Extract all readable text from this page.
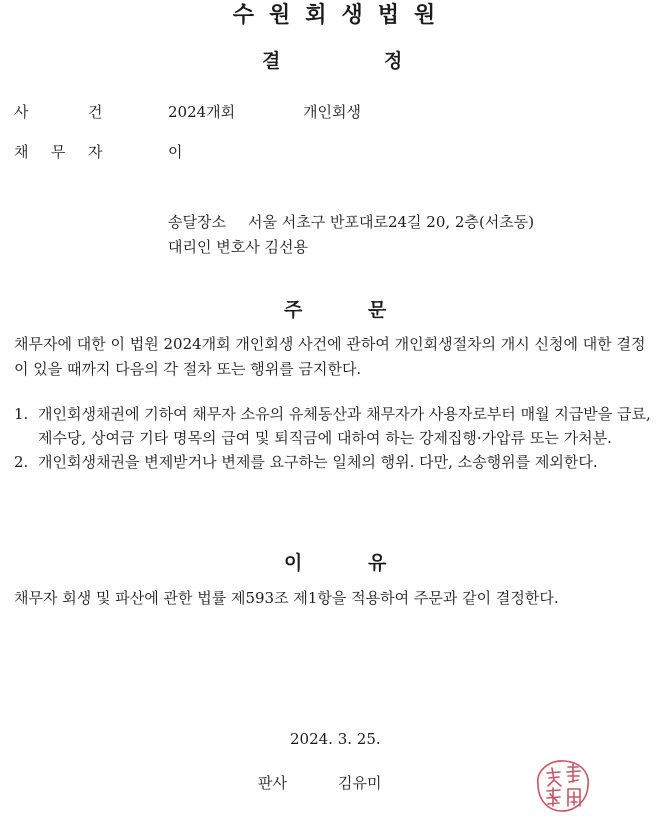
수원회생법원
결	정
사	건	2024개회	개인회생
채 무 자	이
송달장소 서울 서초구 반포대로24길 20, 2층(서초동)
대리인 변호사 김선용
주	문
채무자에 대한 이 법원 2024개회 개인회생 사건에 관하여 개인회생절차의 개시 신청에 대한 결정이 있을 때까지 다음의 각 절차 또는 행위를 금지한다.
1. 개인회생채권에 기하여 채무자 소유의 유체동산과 채무자가 사용자로부터 매월 지급받을 급료, 제수당, 상여금 기타 명목의 급여 및 퇴직금에 대하여 하는 강제집행·가압류 또는 가처분.
2. 개인회생채권을 변제받거나 변제를 요구하는 일체의 행위. 다만, 소송행위를 제외한다.
이	유
채무자 회생 및 파산에 관한 법률 제593조 제1항을 적용하여 주문과 같이 결정한다.
2024. 3. 25.
판사	김유미
